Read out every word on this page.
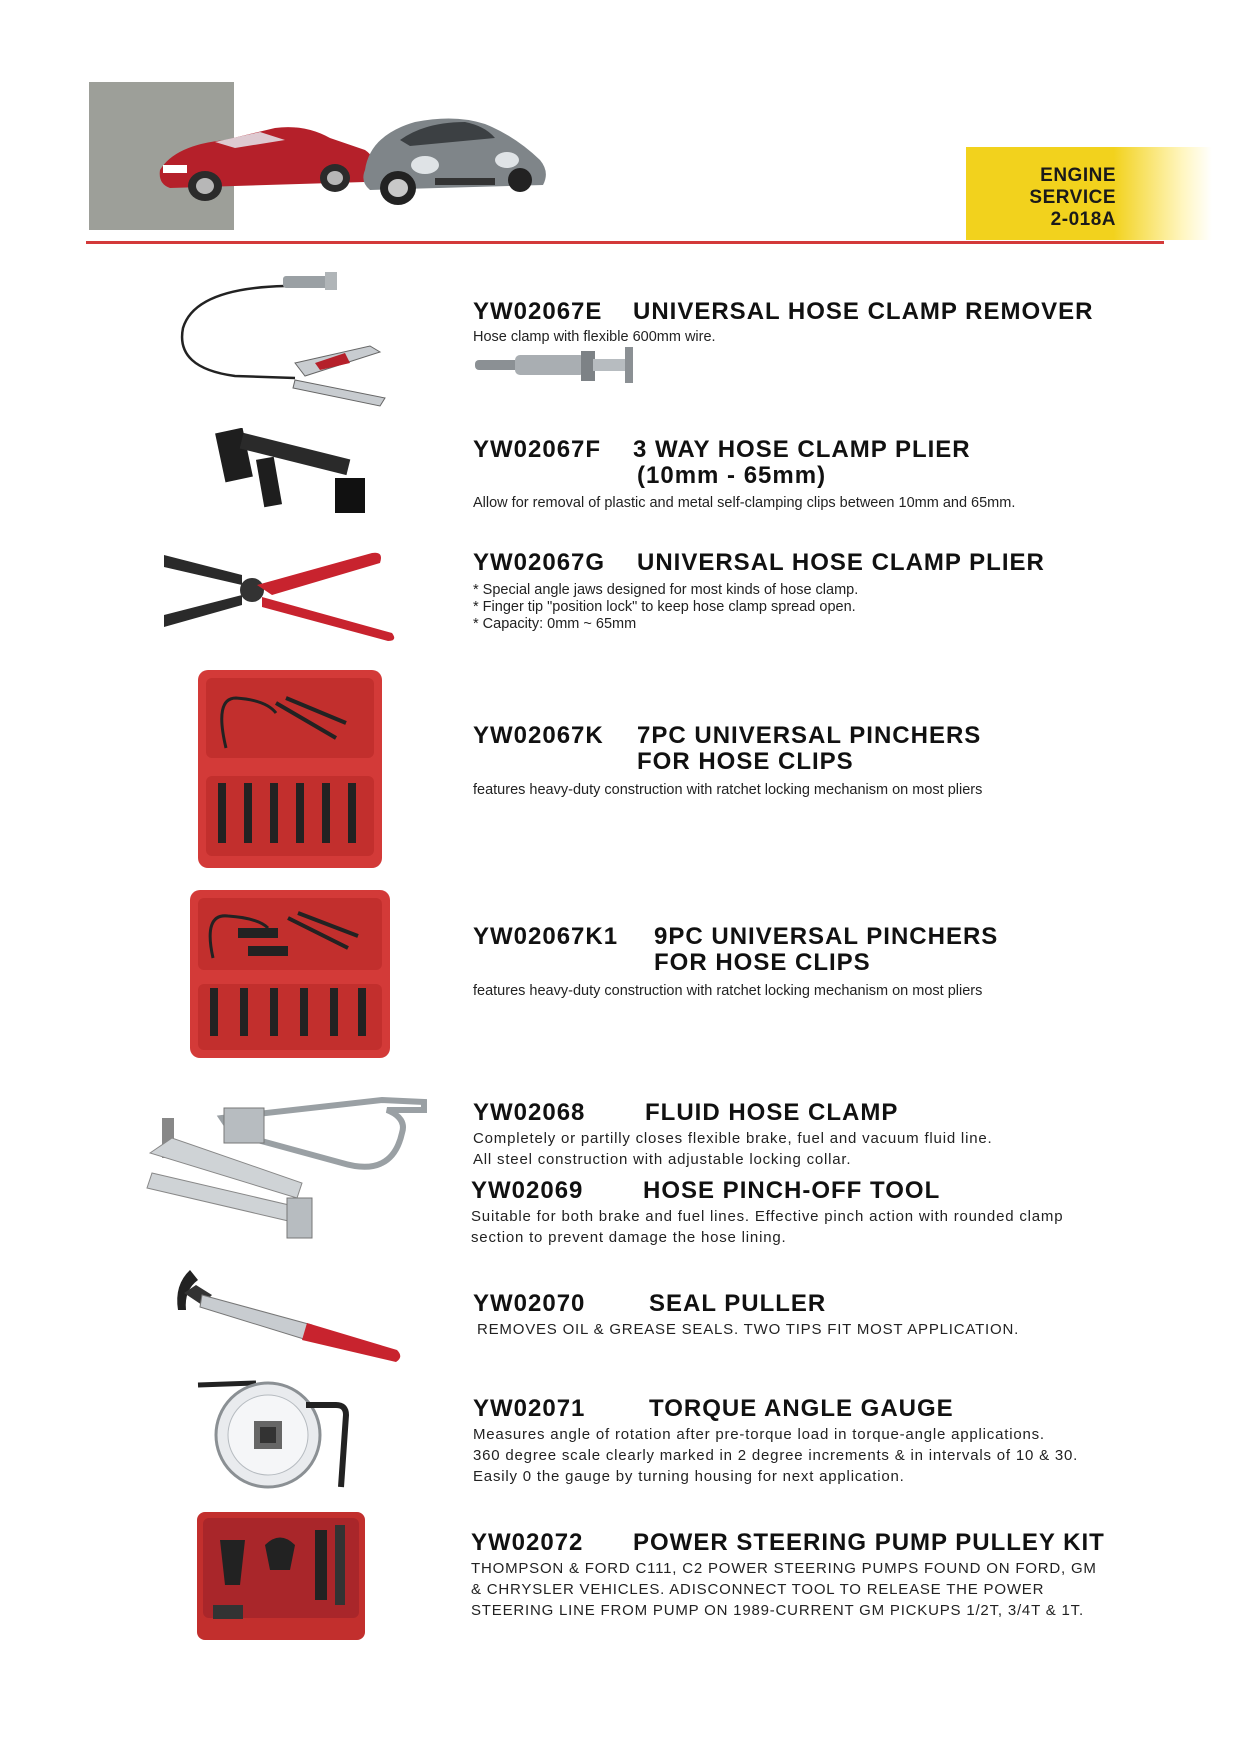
ENGINE
SERVICE
2-018A
YW02067E UNIVERSAL HOSE CLAMP REMOVER
Hose clamp with flexible 600mm wire.
YW02067F 3 WAY HOSE CLAMP PLIER
(10mm - 65mm)
Allow for removal of plastic and metal self-clamping clips between 10mm and 65mm.
YW02067G UNIVERSAL HOSE CLAMP PLIER
* Special angle jaws designed for most kinds of hose clamp.
* Finger tip "position lock" to keep hose clamp spread open.
* Capacity: 0mm ~ 65mm
YW02067K 7PC UNIVERSAL PINCHERS
FOR HOSE CLIPS
features heavy-duty construction with ratchet locking mechanism on most pliers
YW02067K1 9PC UNIVERSAL PINCHERS
FOR HOSE CLIPS
features heavy-duty construction with ratchet locking mechanism on most pliers
YW02068 FLUID HOSE CLAMP
Completely or partilly closes flexible brake, fuel and vacuum fluid line.
All steel construction with adjustable locking collar.
YW02069 HOSE PINCH-OFF TOOL
Suitable for both brake and fuel lines. Effective pinch action with rounded clamp
section to prevent damage the hose lining.
YW02070	SEAL PULLER
REMOVES OIL & GREASE SEALS. TWO TIPS FIT MOST APPLICATION.
YW02071	TORQUE ANGLE GAUGE
Measures angle of rotation after pre-torque load in torque-angle applications.
360 degree scale clearly marked in 2 degree increments & in intervals of 10 & 30.
Easily 0 the gauge by turning housing for next application.
YW02072 POWER STEERING PUMP PULLEY KIT
THOMPSON & FORD C111, C2 POWER STEERING PUMPS FOUND ON FORD, GM
& CHRYSLER VEHICLES. ADISCONNECT TOOL TO RELEASE THE POWER
STEERING LINE FROM PUMP ON 1989-CURRENT GM PICKUPS 1/2T, 3/4T & 1T.
